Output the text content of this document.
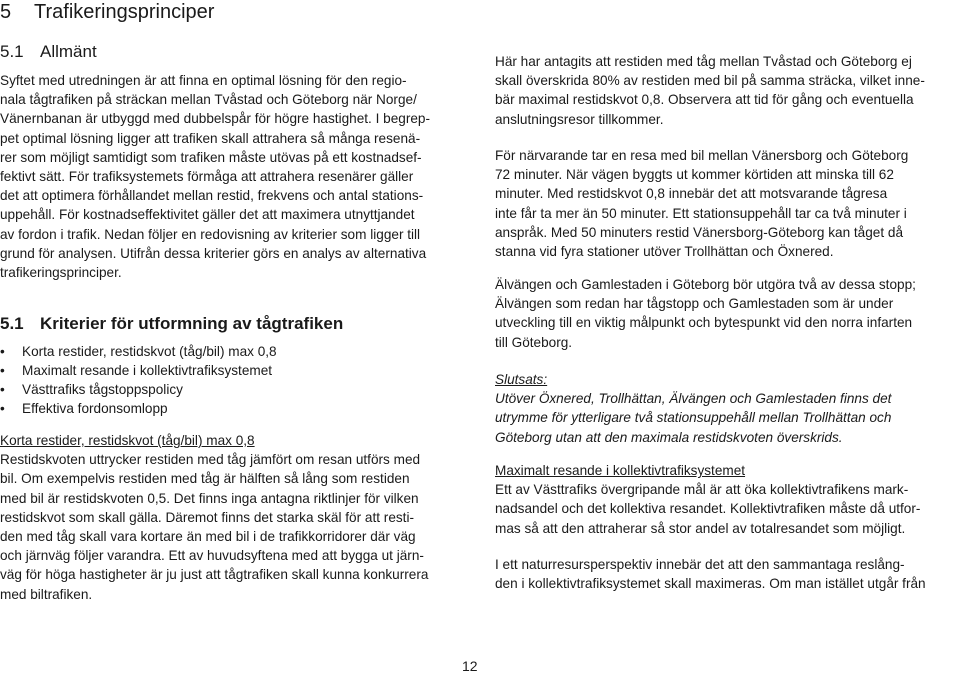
5 Trafikeringsprinciper
5.1 Allmänt
Syftet med utredningen är att finna en optimal lösning för den regio-
nala tågtrafiken på sträckan mellan Tvåstad och Göteborg när Norge/
Vänernbanan är utbyggd med dubbelspår för högre hastighet. I begrep-
pet optimal lösning ligger att trafiken skall attrahera så många resenä-
rer som möjligt samtidigt som trafiken måste utövas på ett kostnadsef-
fektivt sätt. För trafiksystemets förmåga att attrahera resenärer gäller
det att optimera förhållandet mellan restid, frekvens och antal stations-
uppehåll. För kostnadseffektivitet gäller det att maximera utnyttjandet
av fordon i trafik. Nedan följer en redovisning av kriterier som ligger till
grund för analysen. Utifrån dessa kriterier görs en analys av alternativa
trafikeringsprinciper.
5.1 Kriterier för utformning av tågtrafiken
• Korta restider, restidskvot (tåg/bil) max 0,8
• Maximalt resande i kollektivtrafiksystemet
• Västtrafiks tågstoppspolicy
• Effektiva fordonsomlopp
Korta restider, restidskvot (tåg/bil) max 0,8
Restidskvoten uttrycker restiden med tåg jämfört om resan utförs med
bil. Om exempelvis restiden med tåg är hälften så lång som restiden
med bil är restidskvoten 0,5. Det finns inga antagna riktlinjer för vilken
restidskvot som skall gälla. Däremot finns det starka skäl för att resti-
den med tåg skall vara kortare än med bil i de trafikkorridorer där väg
och järnväg följer varandra. Ett av huvudsyftena med att bygga ut järn-
väg för höga hastigheter är ju just att tågtrafiken skall kunna konkurrera
med biltrafiken.
Här har antagits att restiden med tåg mellan Tvåstad och Göteborg ej
skall överskrida 80% av restiden med bil på samma sträcka, vilket inne-
bär maximal restidskvot 0,8. Observera att tid för gång och eventuella
anslutningsresor tillkommer.
För närvarande tar en resa med bil mellan Vänersborg och Göteborg
72 minuter. När vägen byggts ut kommer körtiden att minska till 62
minuter. Med restidskvot 0,8 innebär det att motsvarande tågresa
inte får ta mer än 50 minuter. Ett stationsuppehåll tar ca två minuter i
anspråk. Med 50 minuters restid Vänersborg-Göteborg kan tåget då
stanna vid fyra stationer utöver Trollhättan och Öxnered.
Älvängen och Gamlestaden i Göteborg bör utgöra två av dessa stopp;
Älvängen som redan har tågstopp och Gamlestaden som är under
utveckling till en viktig målpunkt och bytespunkt vid den norra infarten
till Göteborg.
Slutsats:
Utöver Öxnered, Trollhättan, Älvängen och Gamlestaden finns det
utrymme för ytterligare två stationsuppehåll mellan Trollhättan och
Göteborg utan att den maximala restidskvoten överskrids.
Maximalt resande i kollektivtrafiksystemet
Ett av Västtrafiks övergripande mål är att öka kollektivtrafikens mark-
nadsandel och det kollektiva resandet. Kollektivtrafiken måste då utfor-
mas så att den attraherar så stor andel av totalresandet som möjligt.
I ett naturresursperspektiv innebär det att den sammantaga reslång-
den i kollektivtrafiksystemet skall maximeras. Om man istället utgår från
12
